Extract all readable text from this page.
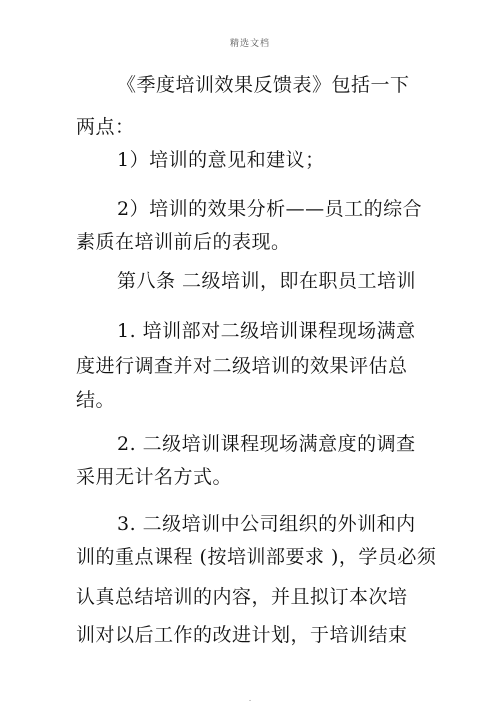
精选文档
《季度培训效果反馈表》包括一下
两点：
1）培训的意见和建议；
2）培训的效果分析——员工的综合
素质在培训前后的表现。
第八条 二级培训，即在职员工培训
1. 培训部对二级培训课程现场满意
度进行调查并对二级培训的效果评估总
结。
2. 二级培训课程现场满意度的调查
采用无计名方式。
3. 二级培训中公司组织的外训和内
训的重点课程 (按培训部要求 )，学员必须
认真总结培训的内容，并且拟订本次培
训对以后工作的改进计划，于培训结束
.
